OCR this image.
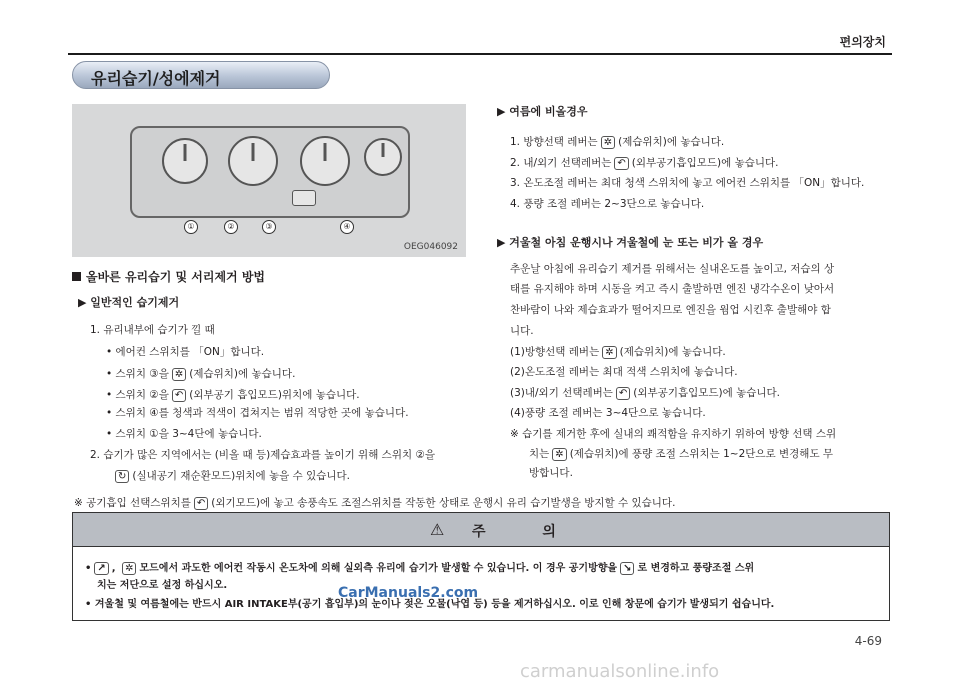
편의장치
유리습기/성에제거
①	②	③	④
OEG046092
올바른 유리습기 및 서리제거 방법
▶ 일반적인 습기제거
1. 유리내부에 습기가 낄 때
• 에어컨 스위치를 「ON」합니다.
• 스위치 ③을 ✲ (제습위치)에 놓습니다.
• 스위치 ②을 ↶ (외부공기 흡입모드)위치에 놓습니다.
• 스위치 ④를 청색과 적색이 겹쳐지는 범위 적당한 곳에 놓습니다.
• 스위치 ①을 3~4단에 놓습니다.
2. 습기가 많은 지역에서는 (비올 때 등)제습효과를 높이기 위해 스위치 ②을
↻ (실내공기 재순환모드)위치에 놓을 수 있습니다.
▶ 여름에 비올경우
1. 방향선택 레버는 ✲ (제습위치)에 놓습니다.
2. 내/외기 선택레버는 ↶ (외부공기흡입모드)에 놓습니다.
3. 온도조절 레버는 최대 청색 스위치에 놓고 에어컨 스위치를 「ON」합니다.
4. 풍량 조절 레버는 2~3단으로 놓습니다.
▶ 겨울철 아침 운행시나 겨울철에 눈 또는 비가 올 경우
추운날 아침에 유리습기 제거를 위해서는 실내온도를 높이고, 저습의 상
태를 유지해야 하며 시동을 켜고 즉시 출발하면 엔진 냉각수온이 낮아서
찬바람이 나와 제습효과가 떨어지므로 엔진을 웜업 시킨후 출발해야 합
니다.
(1)방향선택 레버는 ✲ (제습위치)에 놓습니다.
(2)온도조절 레버는 최대 적색 스위치에 놓습니다.
(3)내/외기 선택레버는 ↶ (외부공기흡입모드)에 놓습니다.
(4)풍량 조절 레버는 3~4단으로 놓습니다.
※ 습기를 제거한 후에 실내의 쾌적함을 유지하기 위하여 방향 선택 스위
치는 ✲ (제습위치)에 풍량 조절 스위치는 1~2단으로 변경해도 무
방합니다.
※ 공기흡입 선택스위치를 ↶ (외기모드)에 놓고 송풍속도 조절스위치를 작동한 상태로 운행시 유리 습기발생을 방지할 수 있습니다.
⚠ 주 의
• ↗ , ✲ 모드에서 과도한 에어컨 작동시 온도차에 의해 실외측 유리에 습기가 발생할 수 있습니다. 이 경우 공기방향을 ↘ 로 변경하고 풍량조절 스위
치는 저단으로 설정 하십시오.
• 겨울철 및 여름철에는 반드시 AIR INTAKE부(공기 흡입부)의 눈이나 젖은 오물(낙엽 등) 등을 제거하십시오. 이로 인해 창문에 습기가 발생되기 쉽습니다.
CarManuals2.com
4-69
carmanualsonline.info
